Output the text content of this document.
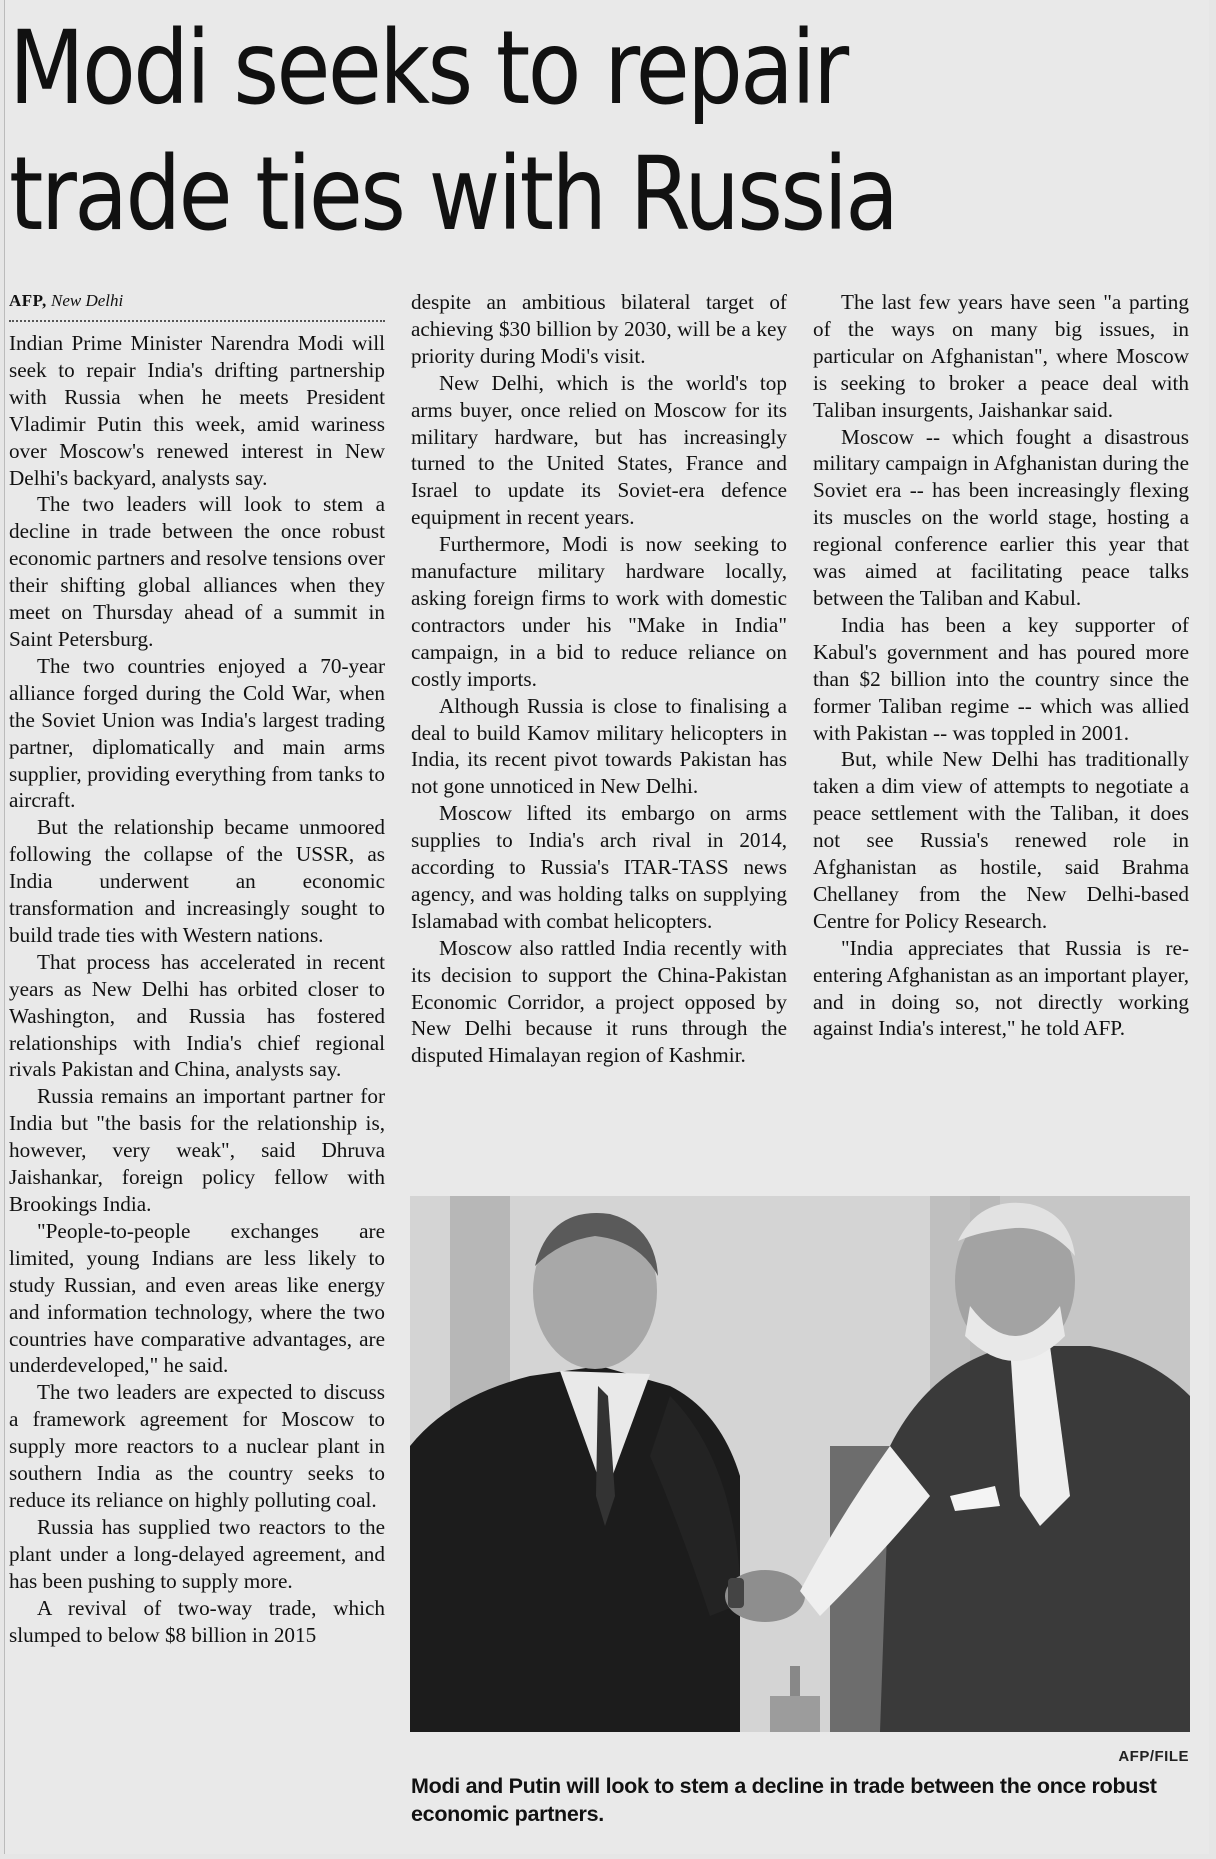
Modi seeks to repair trade ties with Russia
AFP, New Delhi

Indian Prime Minister Narendra Modi will seek to repair India's drifting partnership with Russia when he meets President Vladimir Putin this week, amid wariness over Moscow's renewed interest in New Delhi's backyard, analysts say.

The two leaders will look to stem a decline in trade between the once robust economic partners and resolve tensions over their shifting global alliances when they meet on Thursday ahead of a summit in Saint Petersburg.

The two countries enjoyed a 70-year alliance forged during the Cold War, when the Soviet Union was India's largest trading partner, diplomatically and main arms supplier, providing everything from tanks to aircraft.

But the relationship became unmoored following the collapse of the USSR, as India underwent an economic transformation and increasingly sought to build trade ties with Western nations.

That process has accelerated in recent years as New Delhi has orbited closer to Washington, and Russia has fostered relationships with India's chief regional rivals Pakistan and China, analysts say.

Russia remains an important partner for India but "the basis for the relationship is, however, very weak", said Dhruva Jaishankar, foreign policy fellow with Brookings India.

"People-to-people exchanges are limited, young Indians are less likely to study Russian, and even areas like energy and information technology, where the two countries have comparative advantages, are underdeveloped," he said.

The two leaders are expected to discuss a framework agreement for Moscow to supply more reactors to a nuclear plant in southern India as the country seeks to reduce its reliance on highly polluting coal.

Russia has supplied two reactors to the plant under a long-delayed agreement, and has been pushing to supply more.

A revival of two-way trade, which slumped to below $8 billion in 2015

despite an ambitious bilateral target of achieving $30 billion by 2030, will be a key priority during Modi's visit.

New Delhi, which is the world's top arms buyer, once relied on Moscow for its military hardware, but has increasingly turned to the United States, France and Israel to update its Soviet-era defence equipment in recent years.

Furthermore, Modi is now seeking to manufacture military hardware locally, asking foreign firms to work with domestic contractors under his "Make in India" campaign, in a bid to reduce reliance on costly imports.

Although Russia is close to finalising a deal to build Kamov military helicopters in India, its recent pivot towards Pakistan has not gone unnoticed in New Delhi.

Moscow lifted its embargo on arms supplies to India's arch rival in 2014, according to Russia's ITAR-TASS news agency, and was holding talks on supplying Islamabad with combat helicopters.

Moscow also rattled India recently with its decision to support the China-Pakistan Economic Corridor, a project opposed by New Delhi because it runs through the disputed Himalayan region of Kashmir.

The last few years have seen "a parting of the ways on many big issues, in particular on Afghanistan", where Moscow is seeking to broker a peace deal with Taliban insurgents, Jaishankar said.

Moscow -- which fought a disastrous military campaign in Afghanistan during the Soviet era -- has been increasingly flexing its muscles on the world stage, hosting a regional conference earlier this year that was aimed at facilitating peace talks between the Taliban and Kabul.

India has been a key supporter of Kabul's government and has poured more than $2 billion into the country since the former Taliban regime -- which was allied with Pakistan -- was toppled in 2001.

But, while New Delhi has traditionally taken a dim view of attempts to negotiate a peace settlement with the Taliban, it does not see Russia's renewed role in Afghanistan as hostile, said Brahma Chellaney from the New Delhi-based Centre for Policy Research.

"India appreciates that Russia is re-entering Afghanistan as an important player, and in doing so, not directly working against India's interest," he told AFP.

AFP/FILE
Modi and Putin will look to stem a decline in trade between the once robust economic partners.
